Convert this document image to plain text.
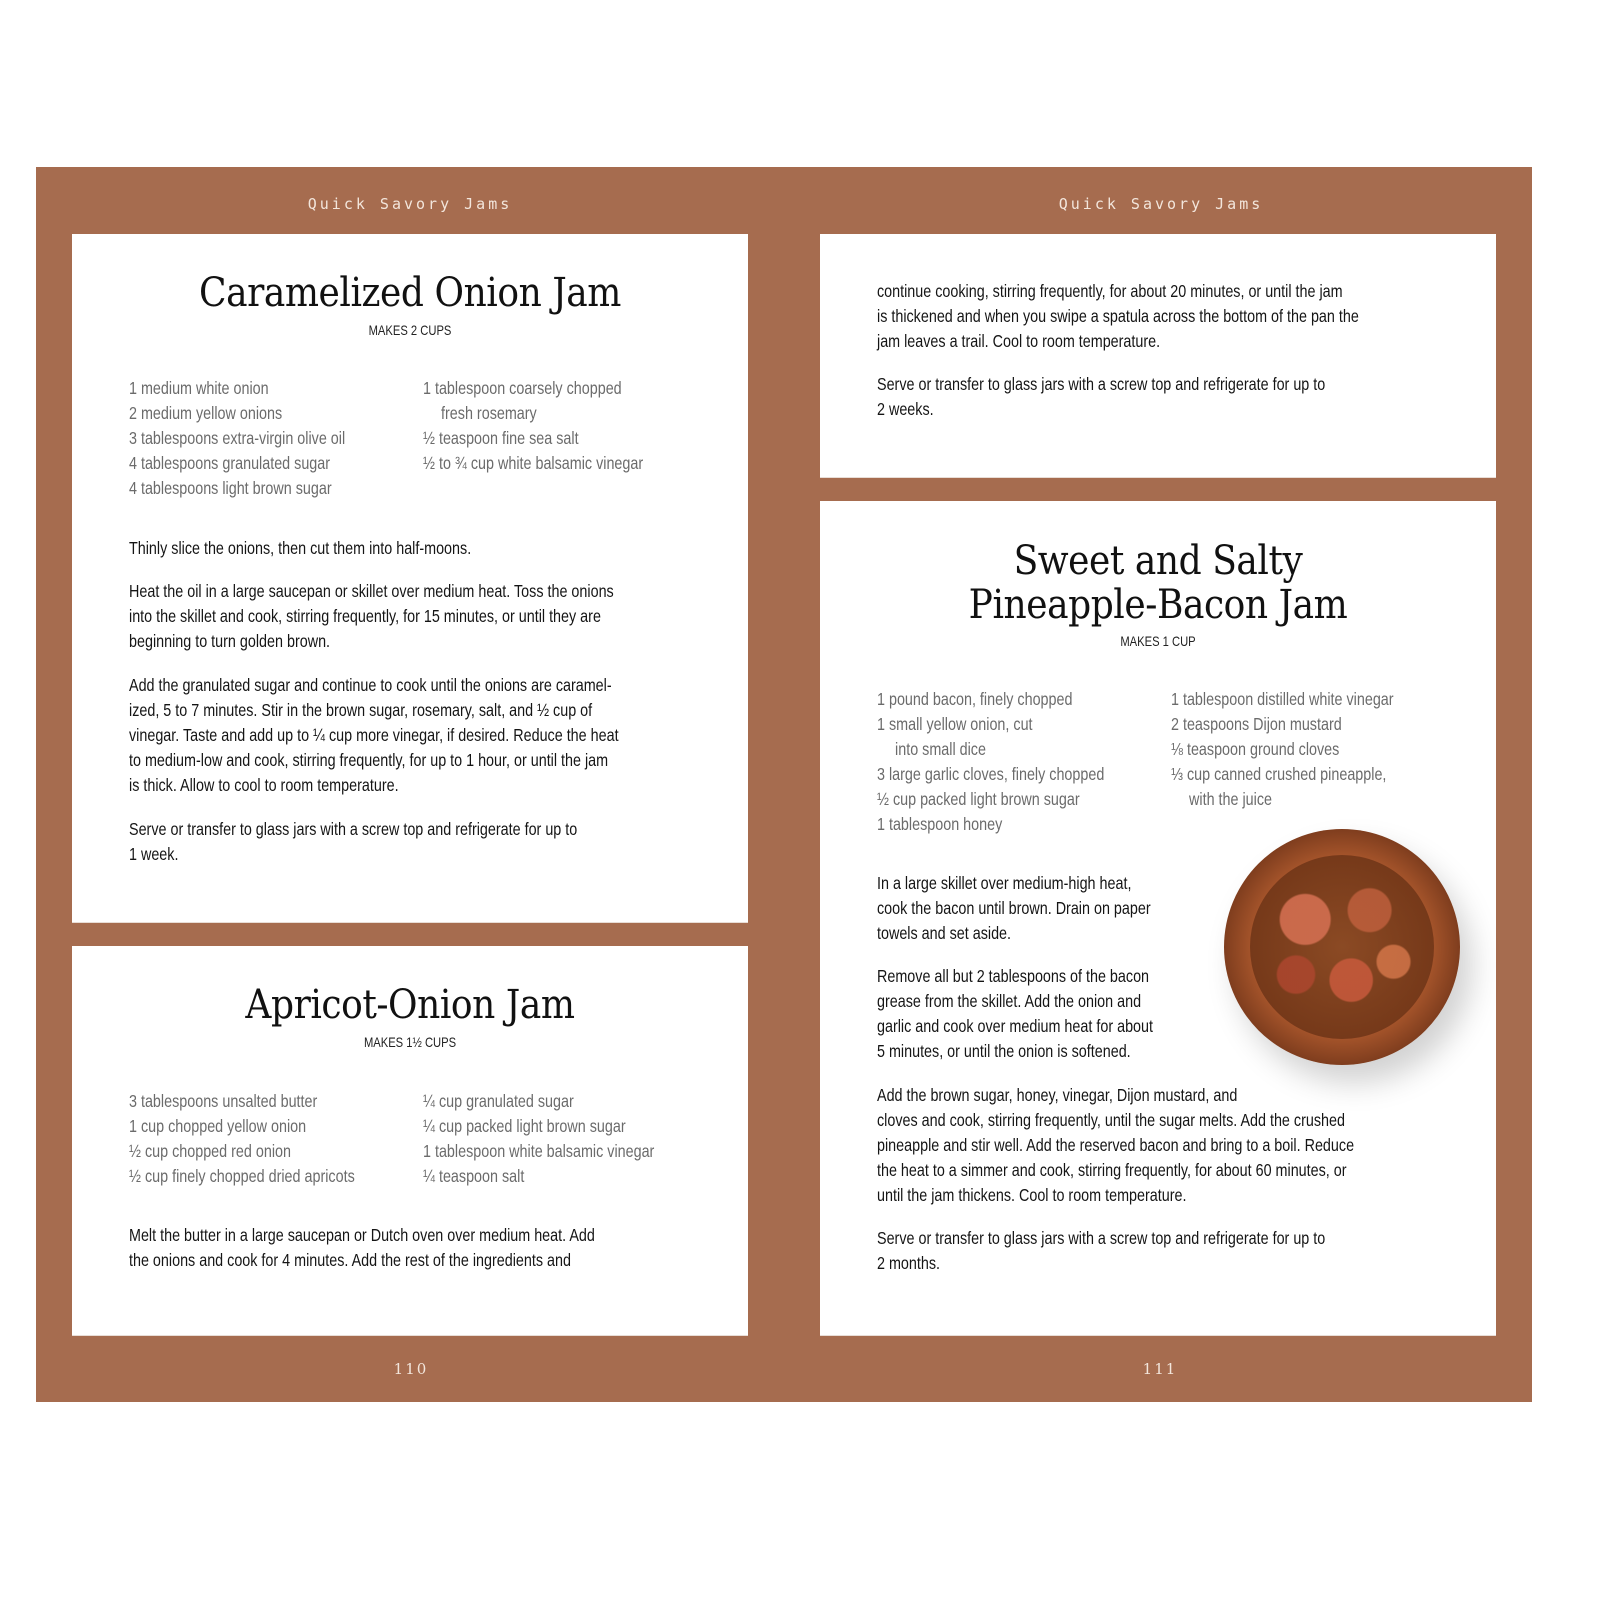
Quick Savory Jams	Quick Savory Jams
Caramelized Onion Jam
MAKES 2 CUPS
1 medium white onion
2 medium yellow onions
3 tablespoons extra-virgin olive oil
4 tablespoons granulated sugar
4 tablespoons light brown sugar
1 tablespoon coarsely chopped
fresh rosemary
½ teaspoon fine sea salt
½ to ¾ cup white balsamic vinegar
Thinly slice the onions, then cut them into half-moons.
Heat the oil in a large saucepan or skillet over medium heat. Toss the onions
into the skillet and cook, stirring frequently, for 15 minutes, or until they are
beginning to turn golden brown.
Add the granulated sugar and continue to cook until the onions are caramel-
ized, 5 to 7 minutes. Stir in the brown sugar, rosemary, salt, and ½ cup of
vinegar. Taste and add up to ¼ cup more vinegar, if desired. Reduce the heat
to medium-low and cook, stirring frequently, for up to 1 hour, or until the jam
is thick. Allow to cool to room temperature.
Serve or transfer to glass jars with a screw top and refrigerate for up to
1 week.
Apricot-Onion Jam
MAKES 1½ CUPS
3 tablespoons unsalted butter
1 cup chopped yellow onion
½ cup chopped red onion
½ cup finely chopped dried apricots
¼ cup granulated sugar
¼ cup packed light brown sugar
1 tablespoon white balsamic vinegar
¼ teaspoon salt
Melt the butter in a large saucepan or Dutch oven over medium heat. Add
the onions and cook for 4 minutes. Add the rest of the ingredients and
continue cooking, stirring frequently, for about 20 minutes, or until the jam
is thickened and when you swipe a spatula across the bottom of the pan the
jam leaves a trail. Cool to room temperature.
Serve or transfer to glass jars with a screw top and refrigerate for up to
2 weeks.
Sweet and Salty
Pineapple-Bacon Jam
MAKES 1 CUP
1 pound bacon, finely chopped
1 small yellow onion, cut
into small dice
3 large garlic cloves, finely chopped
½ cup packed light brown sugar
1 tablespoon honey
1 tablespoon distilled white vinegar
2 teaspoons Dijon mustard
⅛ teaspoon ground cloves
⅓ cup canned crushed pineapple,
with the juice
In a large skillet over medium-high heat,
cook the bacon until brown. Drain on paper
towels and set aside.
Remove all but 2 tablespoons of the bacon
grease from the skillet. Add the onion and
garlic and cook over medium heat for about
5 minutes, or until the onion is softened.
Add the brown sugar, honey, vinegar, Dijon mustard, and
cloves and cook, stirring frequently, until the sugar melts. Add the crushed
pineapple and stir well. Add the reserved bacon and bring to a boil. Reduce
the heat to a simmer and cook, stirring frequently, for about 60 minutes, or
until the jam thickens. Cool to room temperature.
Serve or transfer to glass jars with a screw top and refrigerate for up to
2 months.
110	111
